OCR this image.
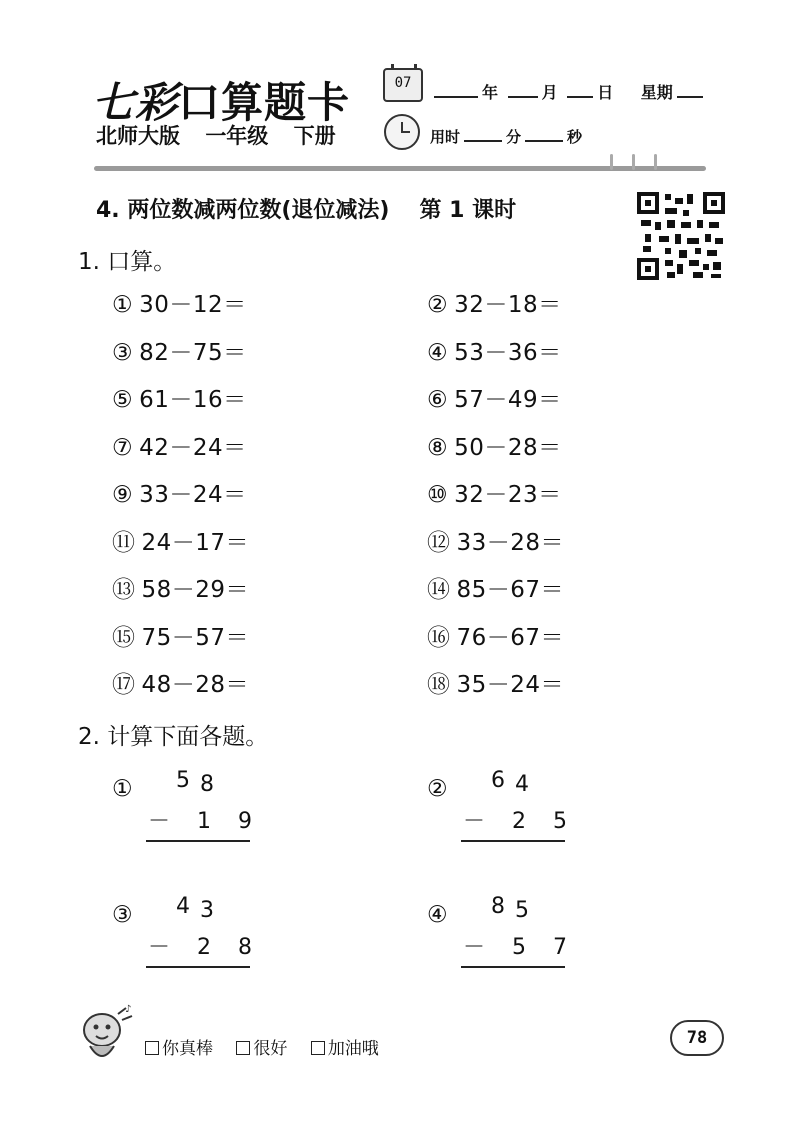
七彩口算题卡	07	年	月 日 星期
北师大版 一年级 下册	用时	分	秒
4. 两位数减两位数(退位减法) 第 1 课时
1. 口算。
① 30－12＝	② 32－18＝
③ 82－75＝	④ 53－36＝
⑤ 61－16＝	⑥ 57－49＝
⑦ 42－24＝	⑧ 50－28＝
⑨ 33－24＝	⑩ 32－23＝
⑪ 24－17＝	⑫ 33－28＝
⑬ 58－29＝	⑭ 85－67＝
⑮ 75－57＝	⑯ 76－67＝
⑰ 48－28＝	⑱ 35－24＝
2. 计算下面各题。
① 58
－ 1 9
② 64
－ 2 5
③ 43
－ 2 8
④ 85
－ 5 7
♪
你真棒 很好 加油哦
78
